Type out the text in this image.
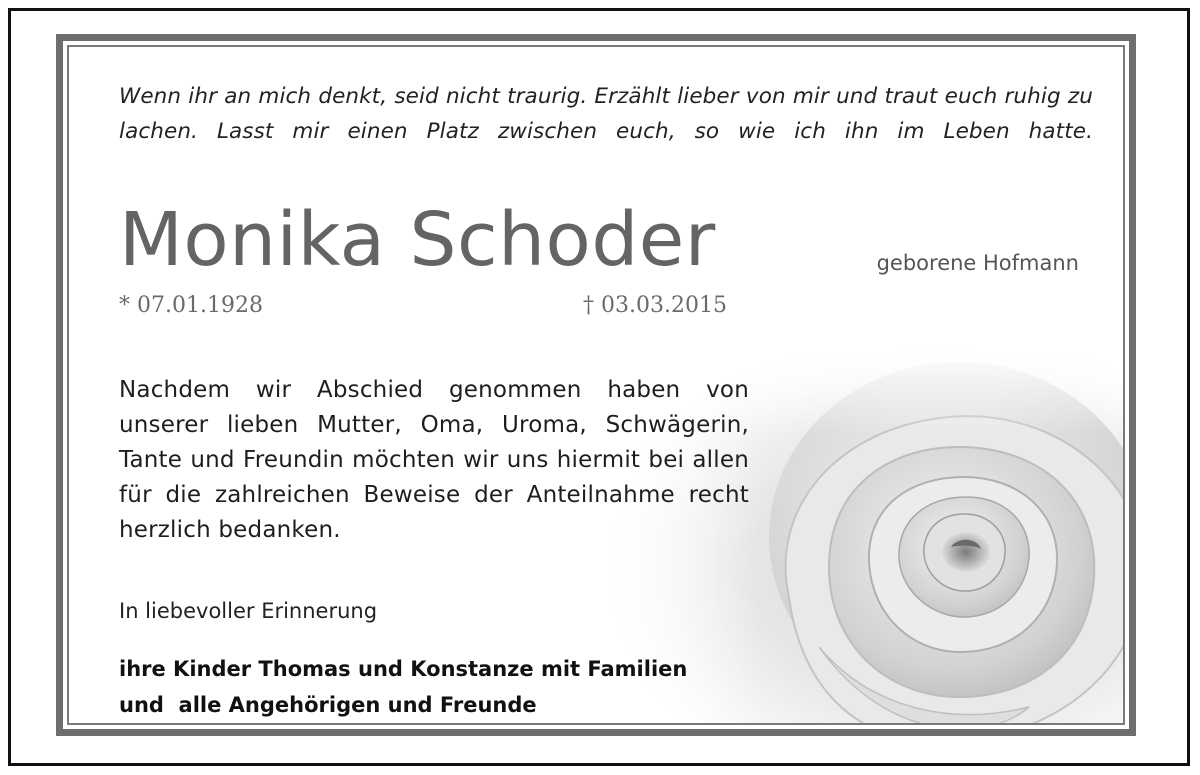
Wenn ihr an mich denkt, seid nicht traurig. Erzählt lieber von mir und traut euch ruhig zu lachen. Lasst mir einen Platz zwischen euch, so wie ich ihn im Leben hatte.
Monika Schoder	geborene Hofmann
* 07.01.1928	† 03.03.2015
Nachdem wir Abschied genommen haben von unserer lieben Mutter, Oma, Uroma, Schwägerin, Tante und Freundin möchten wir uns hiermit bei allen für die zahlreichen Beweise der Anteilnahme recht herzlich bedanken.
In liebevoller Erinnerung
ihre Kinder Thomas und Konstanze mit Familien
und  alle Angehörigen und Freunde
